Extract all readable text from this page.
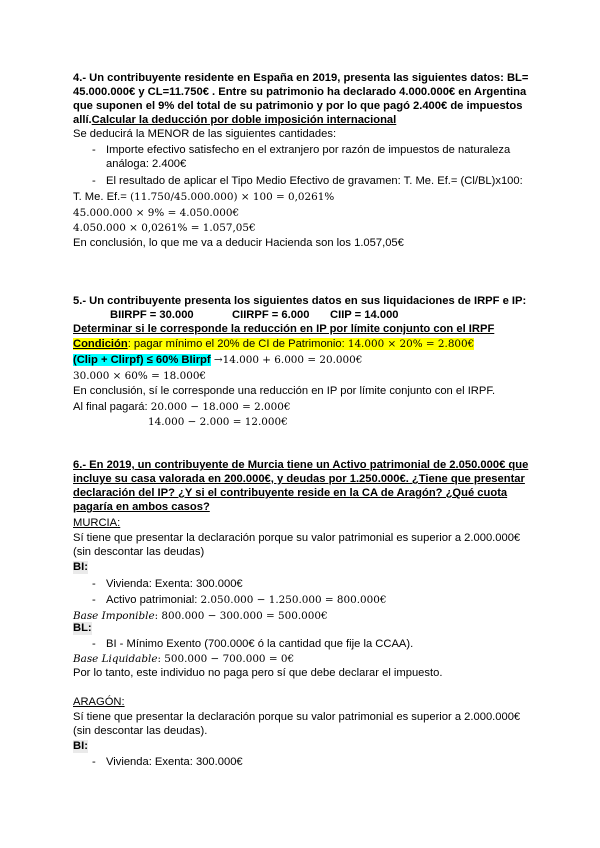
4.- Un contribuyente residente en España en 2019, presenta las siguientes datos: BL=
45.000.000€ y CL=11.750€ . Entre su patrimonio ha declarado 4.000.000€ en Argentina
que suponen el 9% del total de su patrimonio y por lo que pagó 2.400€ de impuestos
allí.Calcular la deducción por doble imposición internacional
Se deducirá la MENOR de las siguientes cantidades:
- Importe efectivo satisfecho en el extranjero por razón de impuestos de naturaleza
análoga: 2.400€
- El resultado de aplicar el Tipo Medio Efectivo de gravamen: T. Me. Ef.= (Cl/BL)x100:
T. Me. Ef.= (11.750/45.000.000) × 100 = 0,0261%
45.000.000 × 9% = 4.050.000€
4.050.000 × 0,0261% = 1.057,05€
En conclusión, lo que me va a deducir Hacienda son los 1.057,05€
5.- Un contribuyente presenta los siguientes datos en sus liquidaciones de IRPF e IP:
BIIRPF = 30.000	CIIRPF = 6.000 CIIP = 14.000
Determinar si le corresponde la reducción en IP por límite conjunto con el IRPF
Condición: pagar mínimo el 20% de CI de Patrimonio: 14.000 × 20% = 2.800€
(Clip + Clirpf) ≤ 60% BIirpf →14.000 + 6.000 = 20.000€
30.000 × 60% = 18.000€
En conclusión, sí le corresponde una reducción en IP por límite conjunto con el IRPF.
Al final pagará: 20.000 − 18.000 = 2.000€
14.000 − 2.000 = 12.000€
6.- En 2019, un contribuyente de Murcia tiene un Activo patrimonial de 2.050.000€ que
incluye su casa valorada en 200.000€, y deudas por 1.250.000€. ¿Tiene que presentar
declaración del IP? ¿Y si el contribuyente reside en la CA de Aragón? ¿Qué cuota
pagaría en ambos casos?
MURCIA:
Sí tiene que presentar la declaración porque su valor patrimonial es superior a 2.000.000€
(sin descontar las deudas)
BI:
- Vivienda: Exenta: 300.000€
- Activo patrimonial: 2.050.000 − 1.250.000 = 800.000€
Base Imponible: 800.000 − 300.000 = 500.000€
BL:
- BI - Mínimo Exento (700.000€ ó la cantidad que fije la CCAA).
Base Liquidable: 500.000 − 700.000 = 0€
Por lo tanto, este individuo no paga pero sí que debe declarar el impuesto.
ARAGÓN:
Sí tiene que presentar la declaración porque su valor patrimonial es superior a 2.000.000€
(sin descontar las deudas).
BI:
- Vivienda: Exenta: 300.000€
